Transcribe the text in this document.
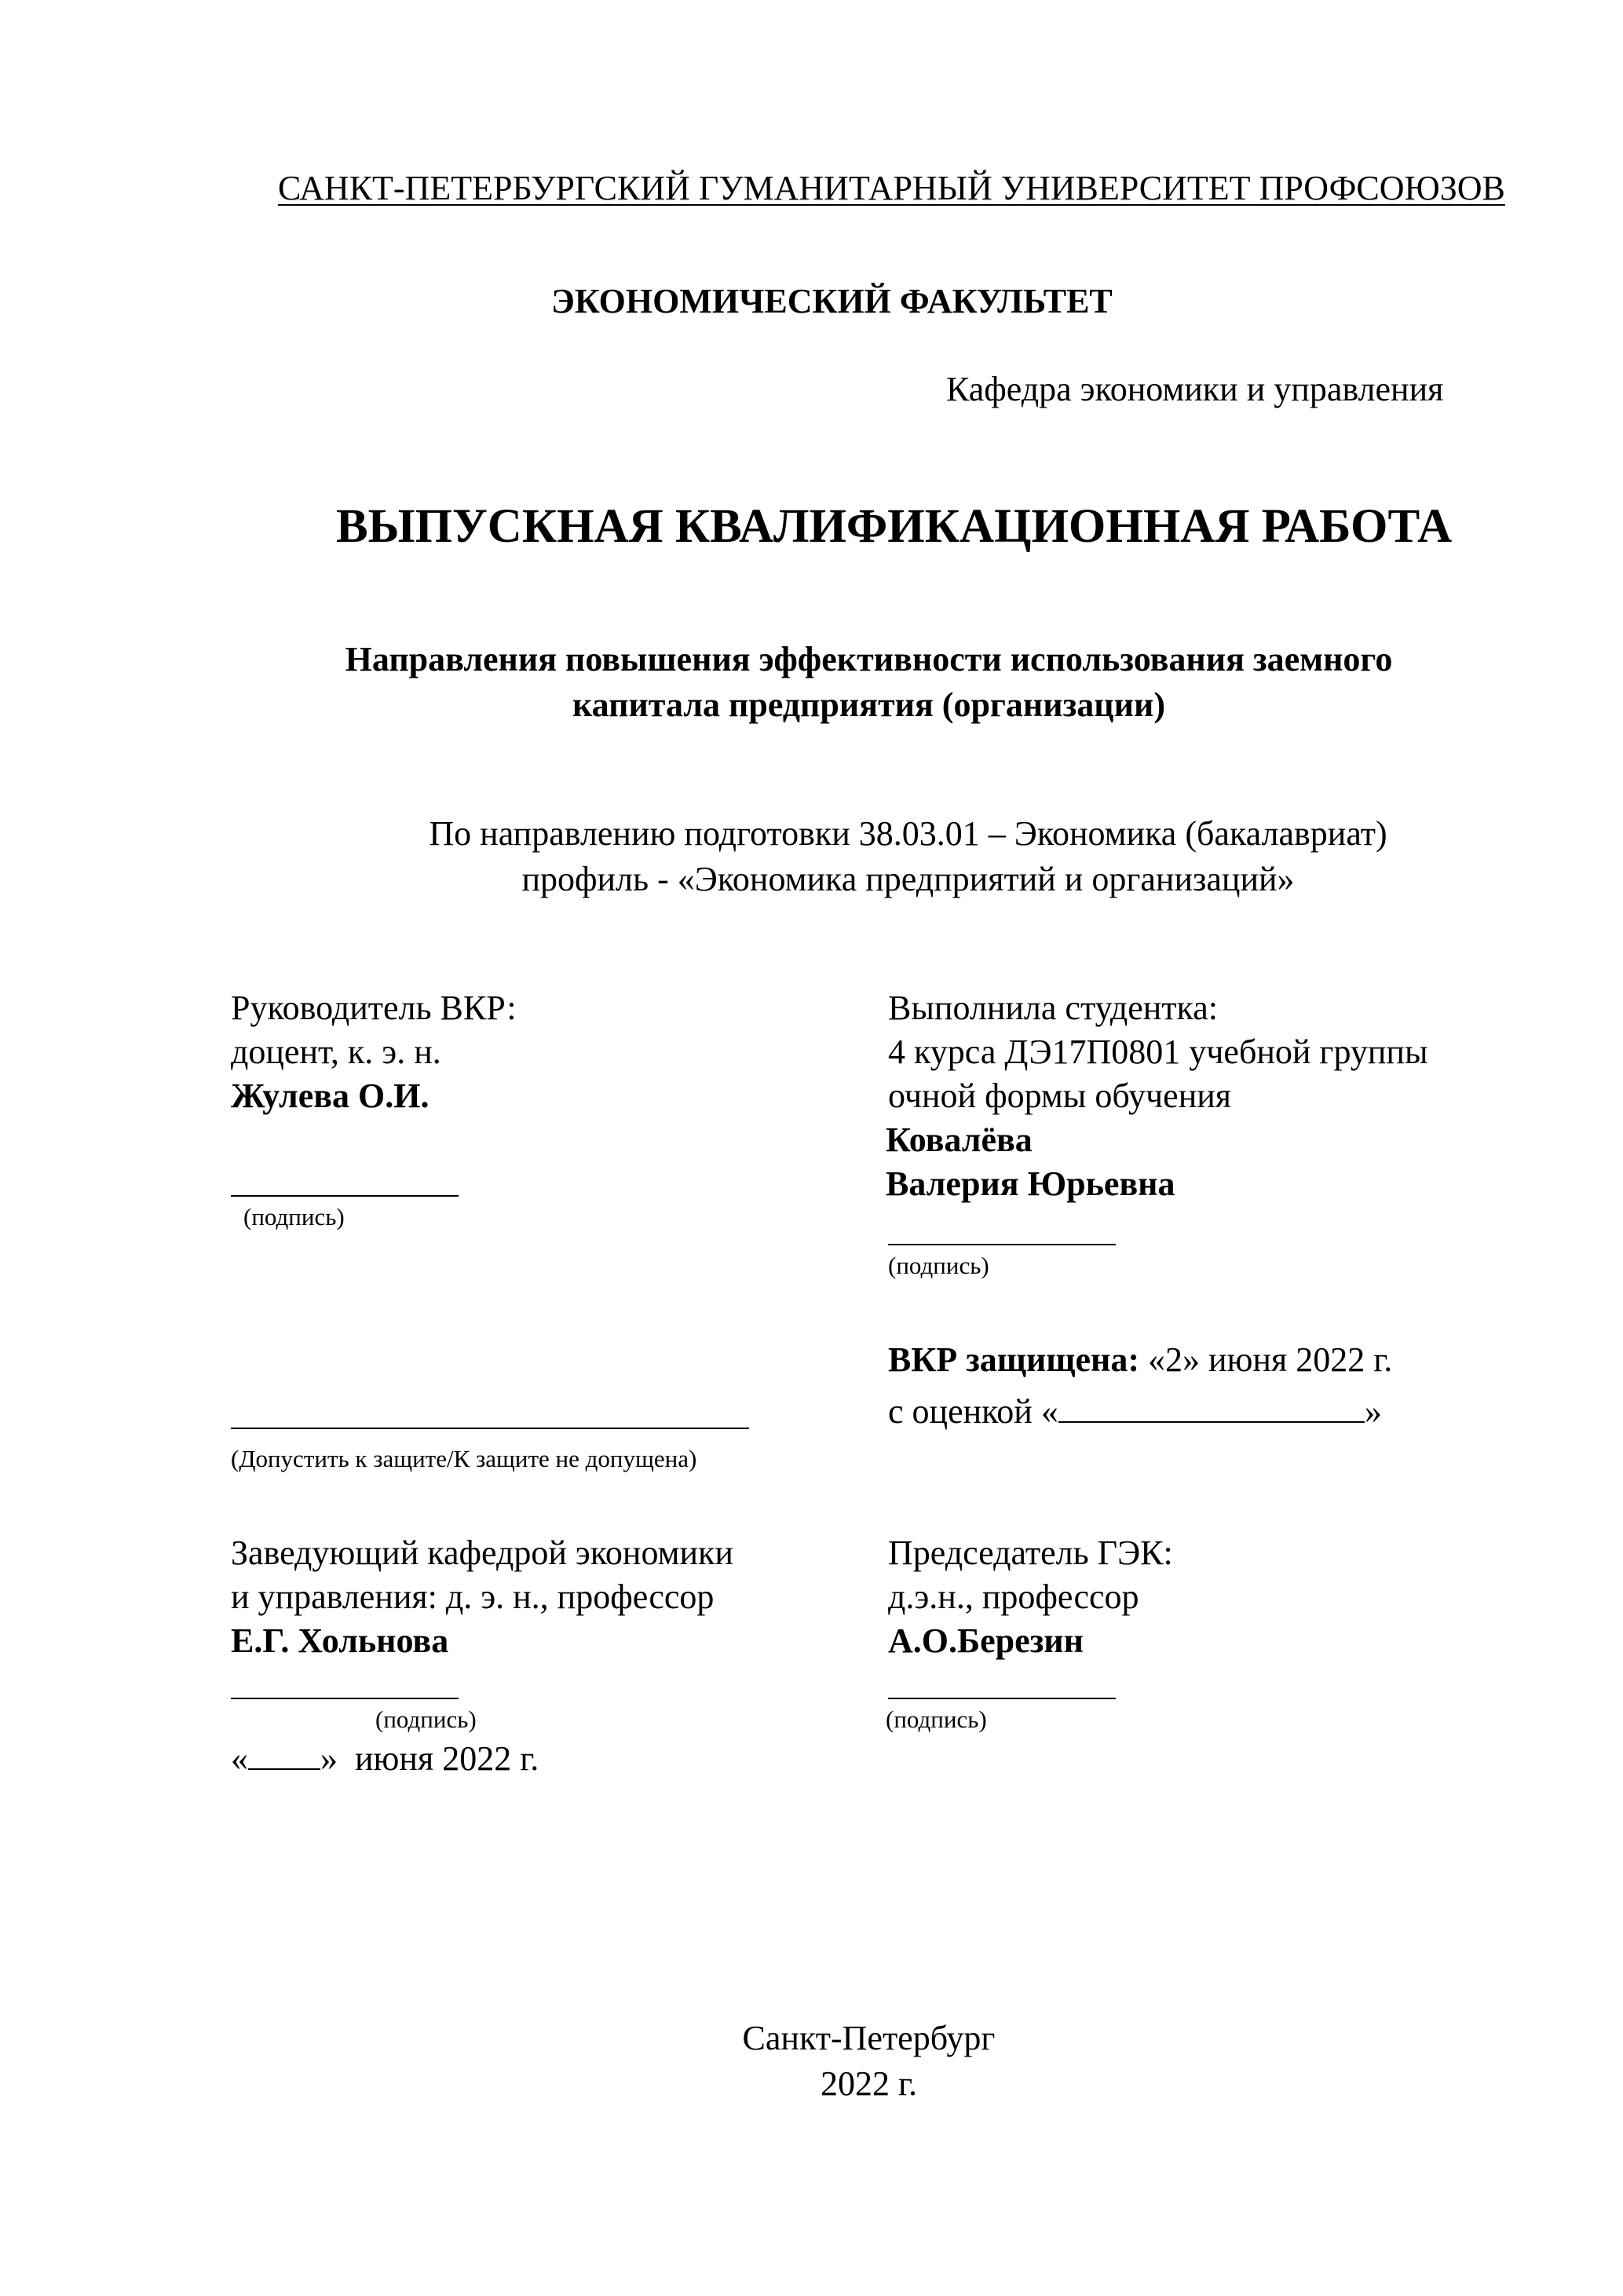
САНКТ-ПЕТЕРБУРГСКИЙ ГУМАНИТАРНЫЙ УНИВЕРСИТЕТ ПРОФСОЮЗОВ
ЭКОНОМИЧЕСКИЙ ФАКУЛЬТЕТ
Кафедра экономики и управления
ВЫПУСКНАЯ КВАЛИФИКАЦИОННАЯ РАБОТА
Направления повышения эффективности использования заемного
капитала предприятия (организации)
По направлению подготовки 38.03.01 – Экономика (бакалавриат)
профиль - «Экономика предприятий и организаций»
Руководитель ВКР:
доцент, к. э. н.
Жулева О.И.
(подпись)
Выполнила студентка:
4 курса ДЭ17П0801 учебной группы
очной формы обучения
Ковалёва
Валерия Юрьевна
(подпись)
ВКР защищена: «2» июня 2022 г.
с оценкой «	»
(Допустить к защите/К защите не допущена)
Заведующий кафедрой экономики
и управления: д. э. н., профессор
Е.Г. Хольнова
(подпись)
« »  июня 2022 г.
Председатель ГЭК:
д.э.н., профессор
А.О.Березин
(подпись)
Санкт-Петербург
2022 г.
